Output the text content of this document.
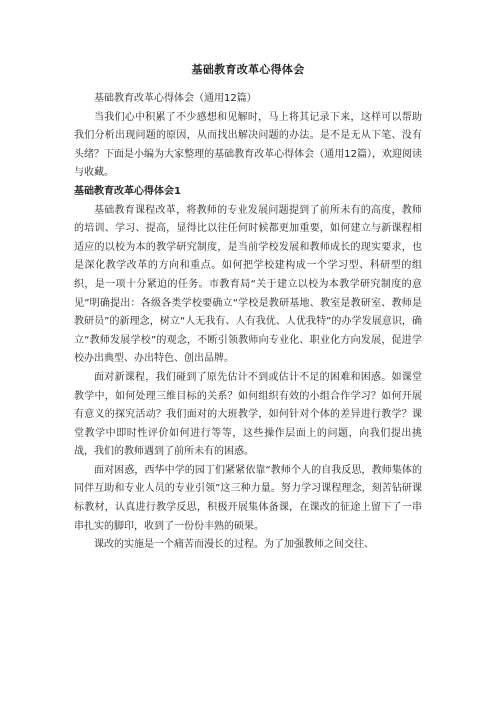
基础教育改革心得体会

基础教育改革心得体会（通用12篇）

当我们心中积累了不少感想和见解时，马上将其记录下来，这样可以帮助我们分析出现问题的原因，从而找出解决问题的办法。是不是无从下笔、没有头绪？下面是小编为大家整理的基础教育改革心得体会（通用12篇），欢迎阅读与收藏。

基础教育改革心得体会1

基础教育课程改革，将教师的专业发展问题提到了前所未有的高度，教师的培训、学习、提高，显得比以往任何时候都更加重要，如何建立与新课程相适应的以校为本的教学研究制度，是当前学校发展和教师成长的现实要求，也是深化教学改革的方向和重点。如何把学校建构成一个学习型、科研型的组织，是一项十分紧迫的任务。市教育局“关于建立以校为本教学研究制度的意见”明确提出：各级各类学校要确立“学校是教研基地、教室是教研室、教师是教研员”的新理念，树立“人无我有、人有我优、人优我特”的办学发展意识，确立“教师发展学校”的观念，不断引领教师向专业化、职业化方向发展，促进学校办出典型、办出特色、创出品牌。

面对新课程，我们碰到了原先估计不到或估计不足的困难和困惑。如课堂教学中，如何处理三维目标的关系？如何组织有效的小组合作学习？如何开展有意义的探究活动？我们面对的大班教学，如何针对个体的差异进行教学？课堂教学中即时性评价如何进行等等，这些操作层面上的问题，向我们提出挑战，我们的教师遇到了前所未有的困惑。

面对困惑，西华中学的园丁们紧紧依靠“教师个人的自我反思，教师集体的同伴互助和专业人员的专业引领”这三种力量。努力学习课程理念，刻苦钻研课标教材，认真进行教学反思，积极开展集体备课，在课改的征途上留下了一串串扎实的脚印，收到了一份份丰熟的硕果。

课改的实施是一个痛苦而漫长的过程。为了加强教师之间交往、
